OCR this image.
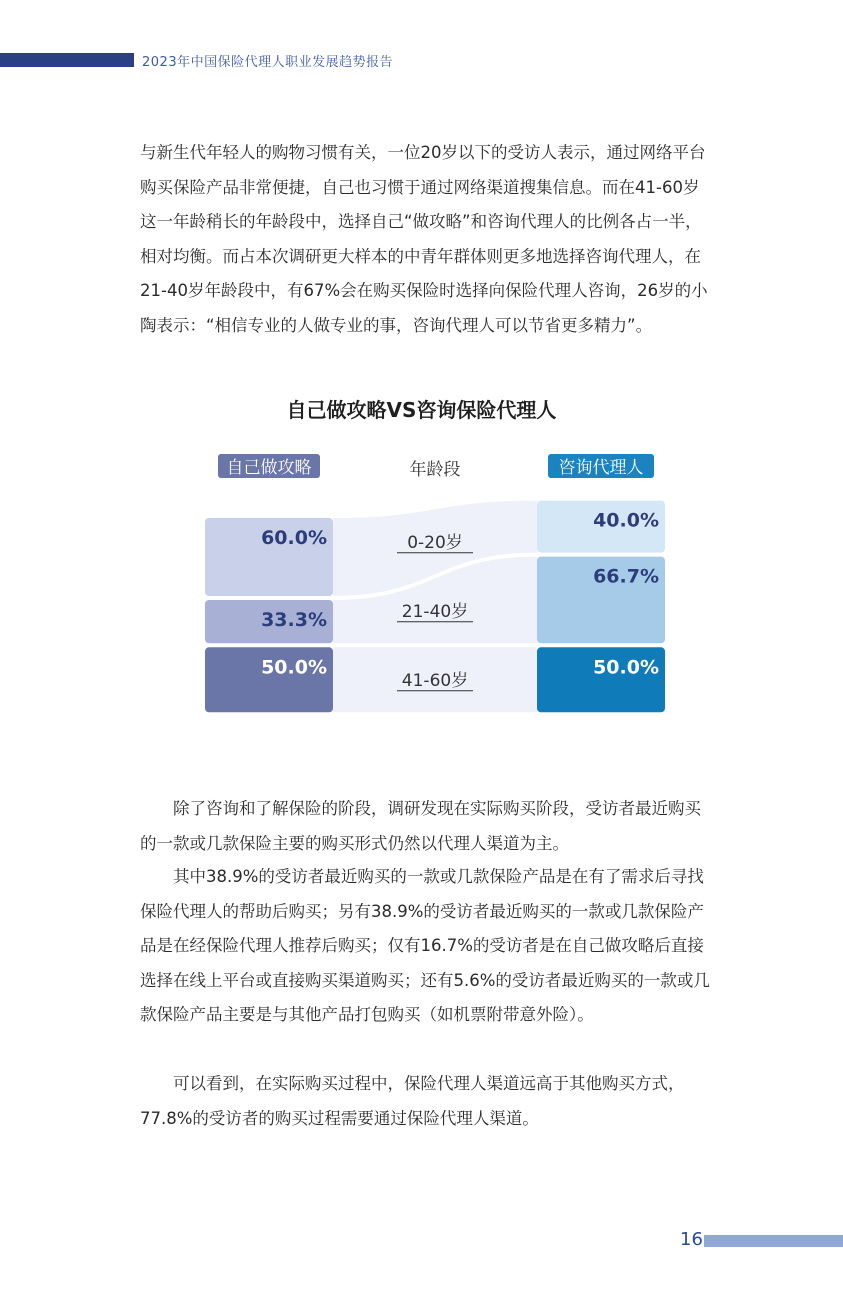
2023年中国保险代理人职业发展趋势报告

与新生代年轻人的购物习惯有关，一位20岁以下的受访人表示，通过网络平台购买保险产品非常便捷，自己也习惯于通过网络渠道搜集信息。而在41-60岁这一年龄稍长的年龄段中，选择自己“做攻略”和咨询代理人的比例各占一半，相对均衡。而占本次调研更大样本的中青年群体则更多地选择咨询代理人，在21-40岁年龄段中，有67%会在购买保险时选择向保险代理人咨询，26岁的小陶表示：“相信专业的人做专业的事，咨询代理人可以节省更多精力”。

自己做攻略VS咨询保险代理人
60.0%
33.3%
50.0%
40.0%
66.7%
50.0%
0-20岁
21-40岁
41-60岁
自己做攻略	咨询代理人
年龄段

除了咨询和了解保险的阶段，调研发现在实际购买阶段，受访者最近购买的一款或几款保险主要的购买形式仍然以代理人渠道为主。

其中38.9%的受访者最近购买的一款或几款保险产品是在有了需求后寻找保险代理人的帮助后购买；另有38.9%的受访者最近购买的一款或几款保险产品是在经保险代理人推荐后购买；仅有16.7%的受访者是在自己做攻略后直接选择在线上平台或直接购买渠道购买；还有5.6%的受访者最近购买的一款或几款保险产品主要是与其他产品打包购买（如机票附带意外险）。

可以看到，在实际购买过程中，保险代理人渠道远高于其他购买方式，77.8%的受访者的购买过程需要通过保险代理人渠道。

16
